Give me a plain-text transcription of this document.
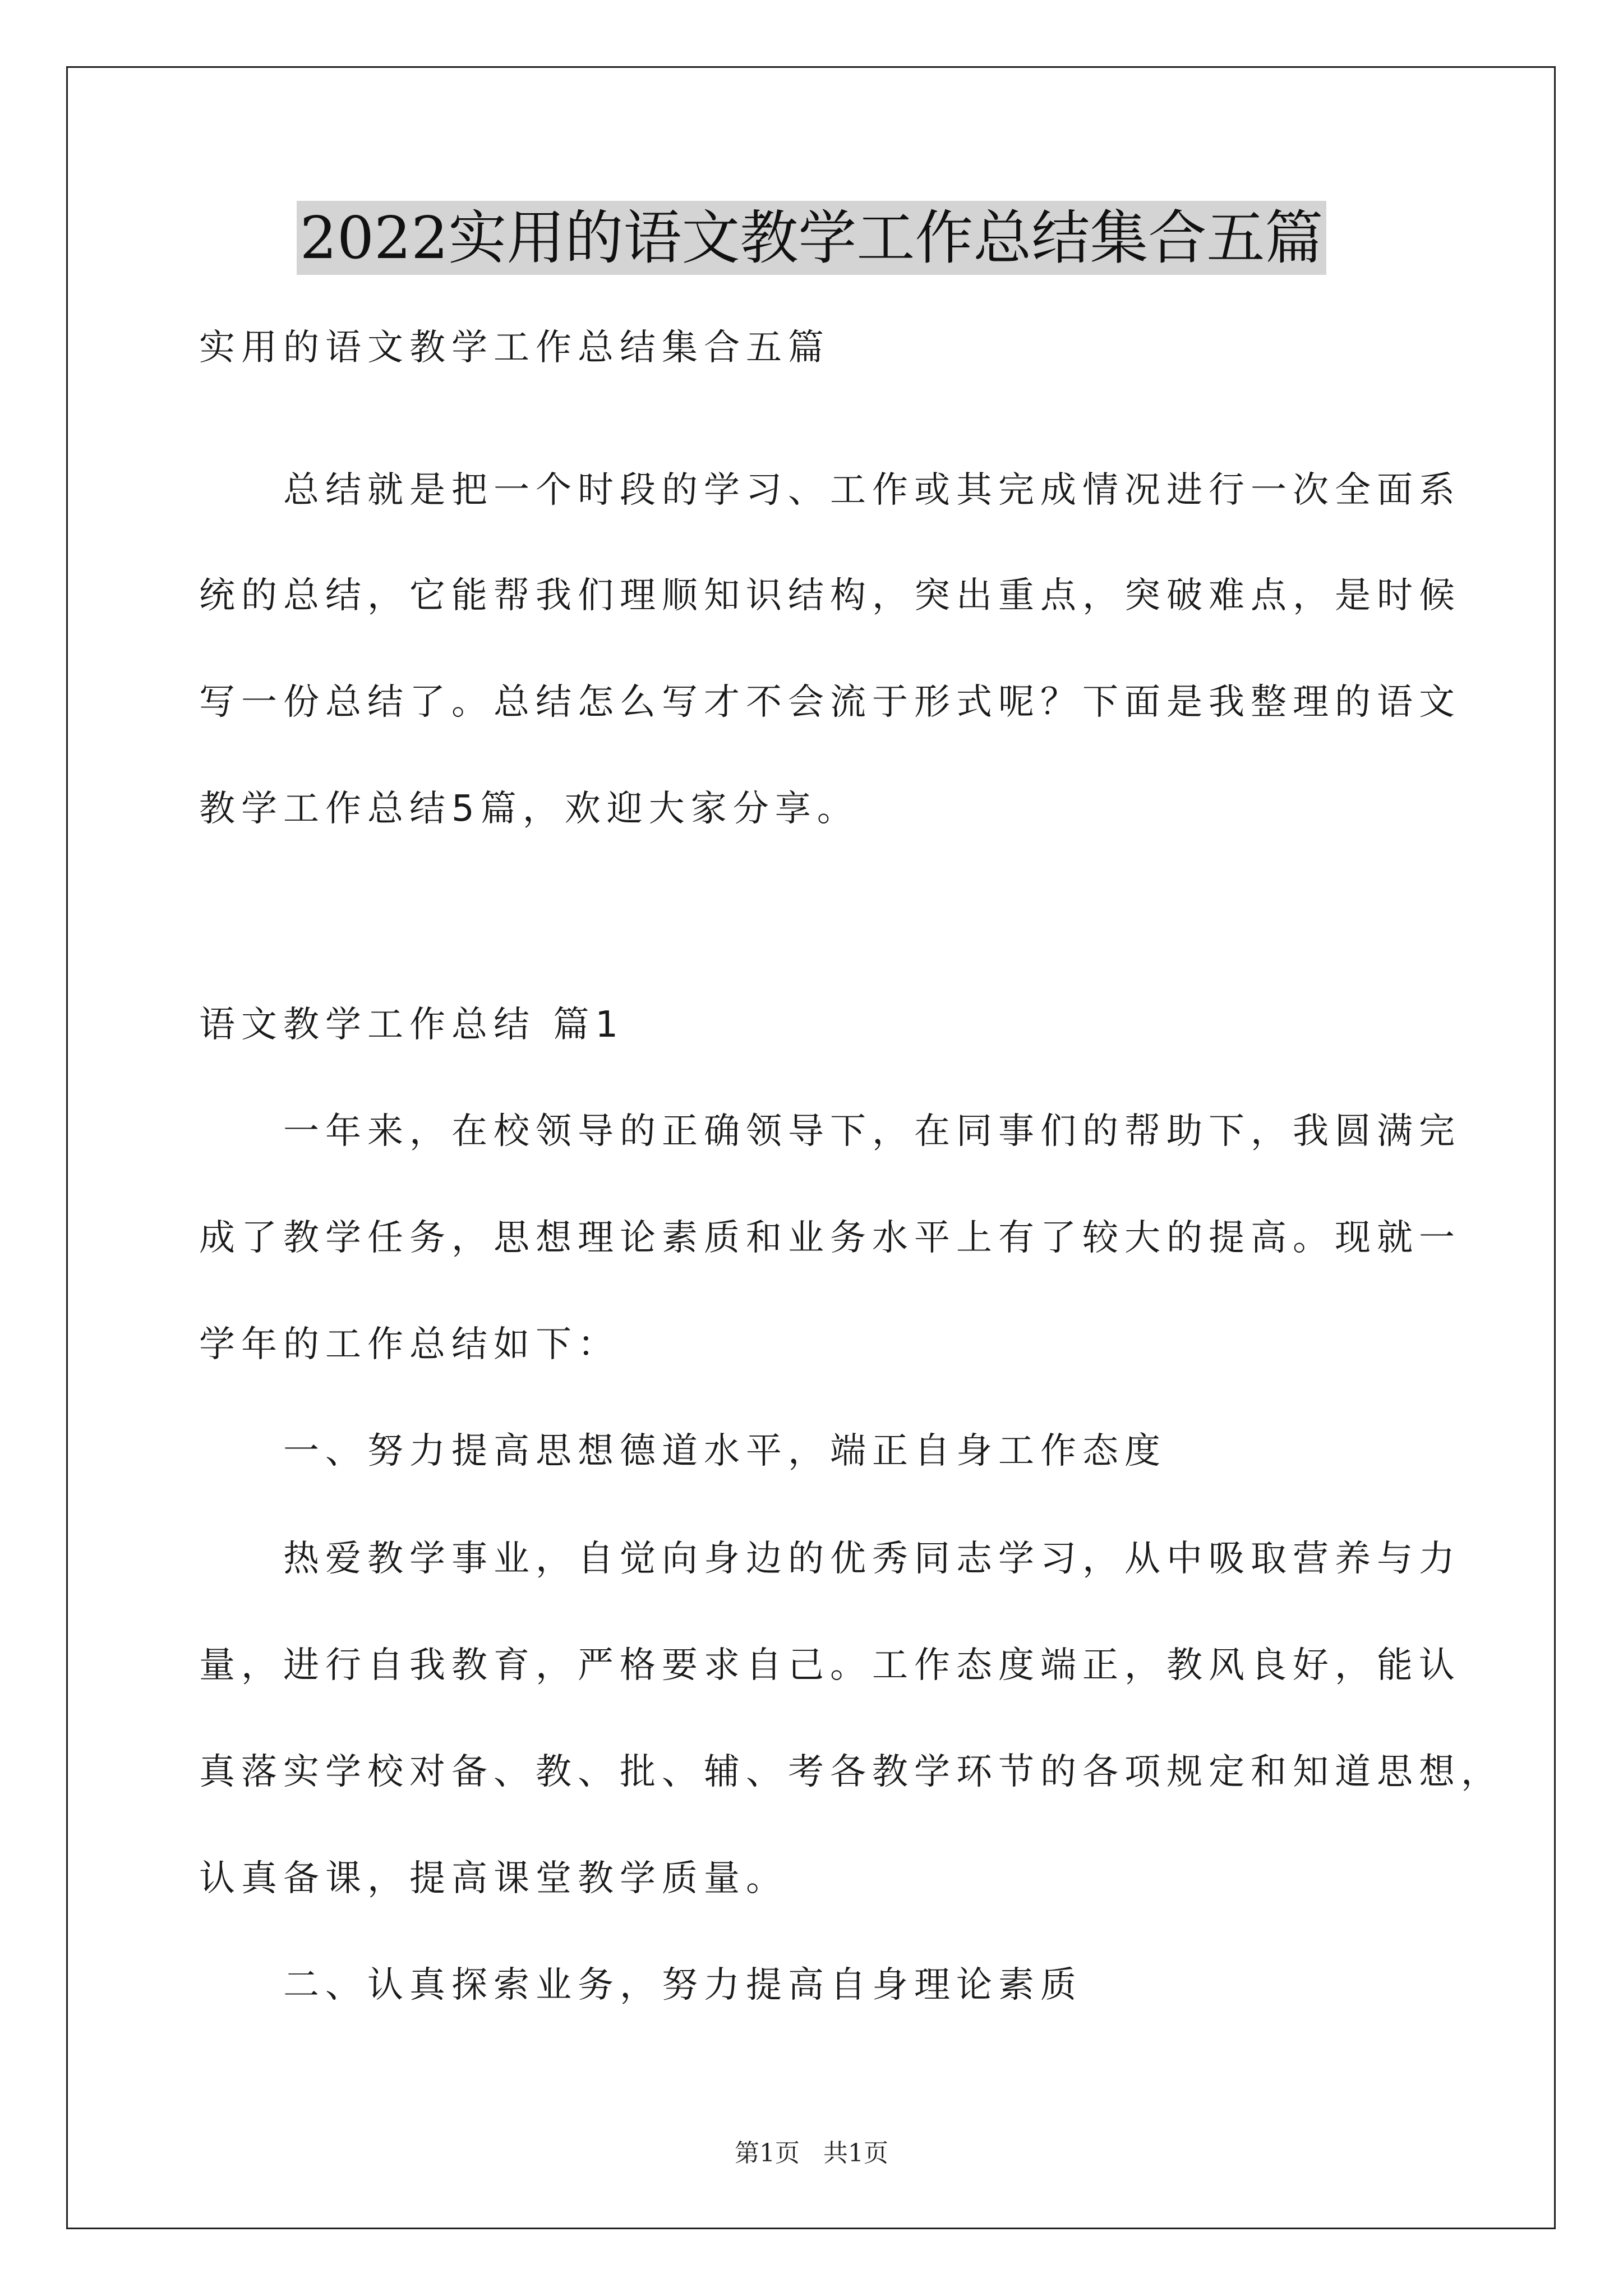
2022实用的语文教学工作总结集合五篇
实用的语文教学工作总结集合五篇
总结就是把一个时段的学习、工作或其完成情况进行一次全面系
统的总结，它能帮我们理顺知识结构，突出重点，突破难点，是时候
写一份总结了。总结怎么写才不会流于形式呢？下面是我整理的语文
教学工作总结5篇，欢迎大家分享。
语文教学工作总结 篇1
一年来，在校领导的正确领导下，在同事们的帮助下，我圆满完
成了教学任务，思想理论素质和业务水平上有了较大的提高。现就一
学年的工作总结如下：
一、努力提高思想德道水平，端正自身工作态度
热爱教学事业，自觉向身边的优秀同志学习，从中吸取营养与力
量，进行自我教育，严格要求自己。工作态度端正，教风良好，能认
真落实学校对备、教、批、辅、考各教学环节的各项规定和知道思想，
认真备课，提高课堂教学质量。
二、认真探索业务，努力提高自身理论素质
第1页 共1页
